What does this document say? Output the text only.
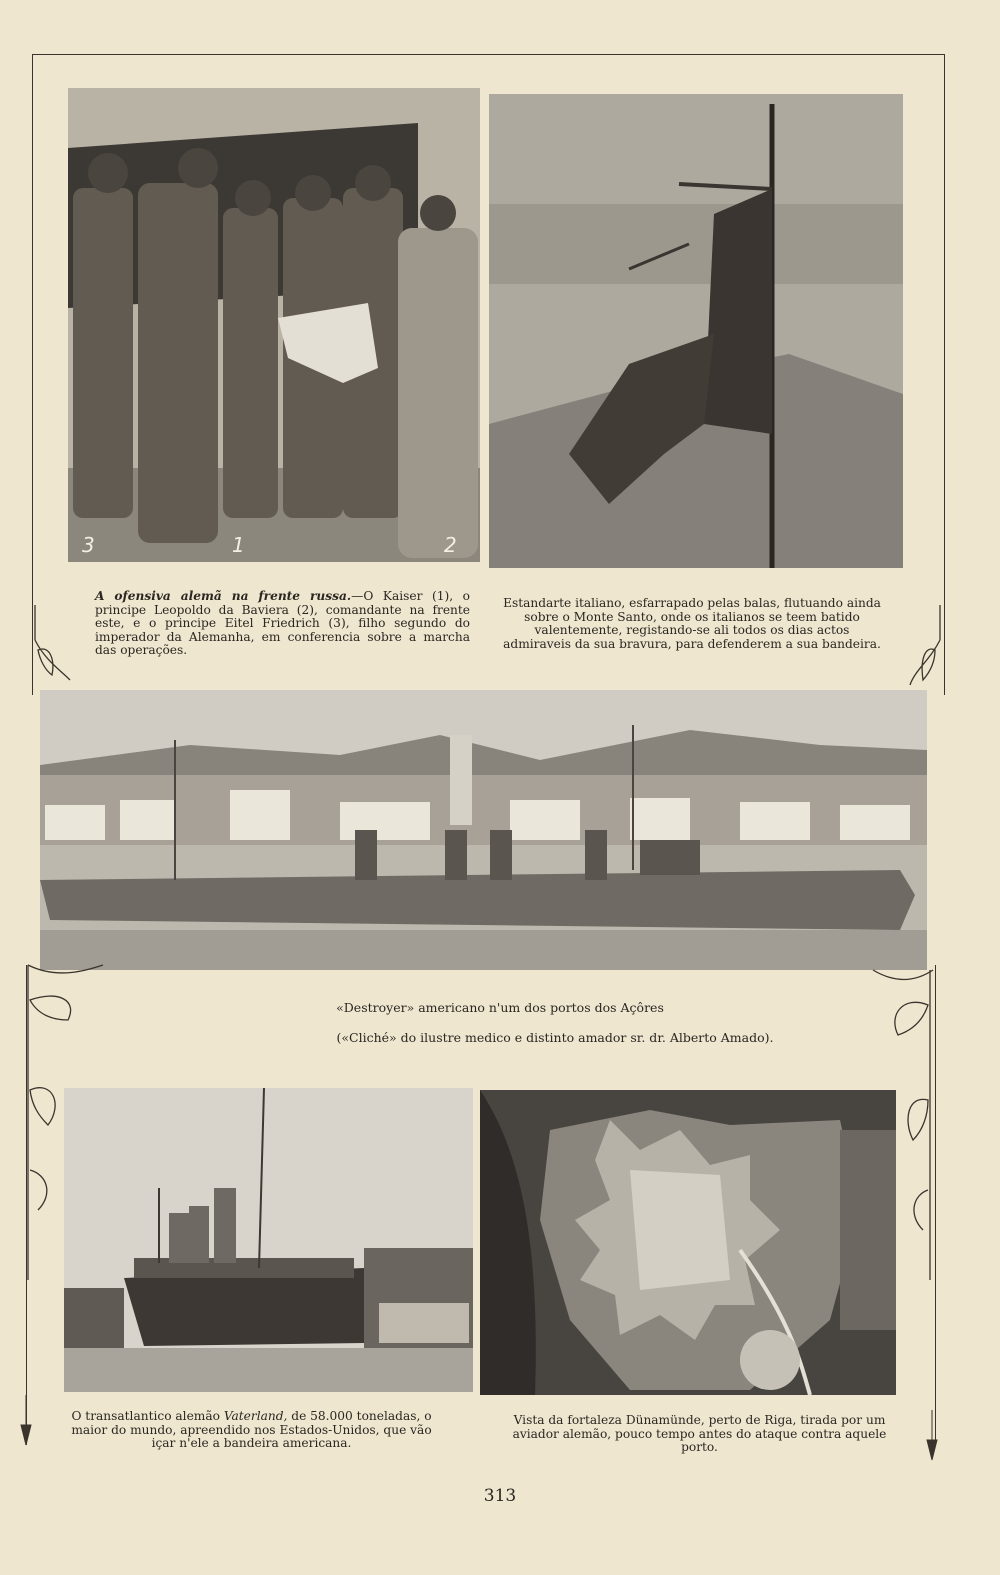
3	1	2
A ofensiva alemã na frente russa.—O Kaiser (1), o principe Leopoldo da Baviera (2), comandante na frente este, e o principe Eitel Friedrich (3), filho segundo do imperador da Alemanha, em conferencia sobre a marcha das operações.
Estandarte italiano, esfarrapado pelas balas, flutuando ainda sobre o Monte Santo, onde os italianos se teem batido valentemente, registando-se ali todos os dias actos admiraveis da sua bravura, para defenderem a sua bandeira.
«Destroyer» americano n'um dos portos dos Açôres
(«Cliché» do ilustre medico e distinto amador sr. dr. Alberto Amado).
O transatlantico alemão Vaterland, de 58.000 toneladas, o maior do mundo, apreendido nos Estados-Unidos, que vão içar n'ele a bandeira americana.
Vista da fortaleza Dünamünde, perto de Riga, tirada por um aviador alemão, pouco tempo antes do ataque contra aquele porto.
313
